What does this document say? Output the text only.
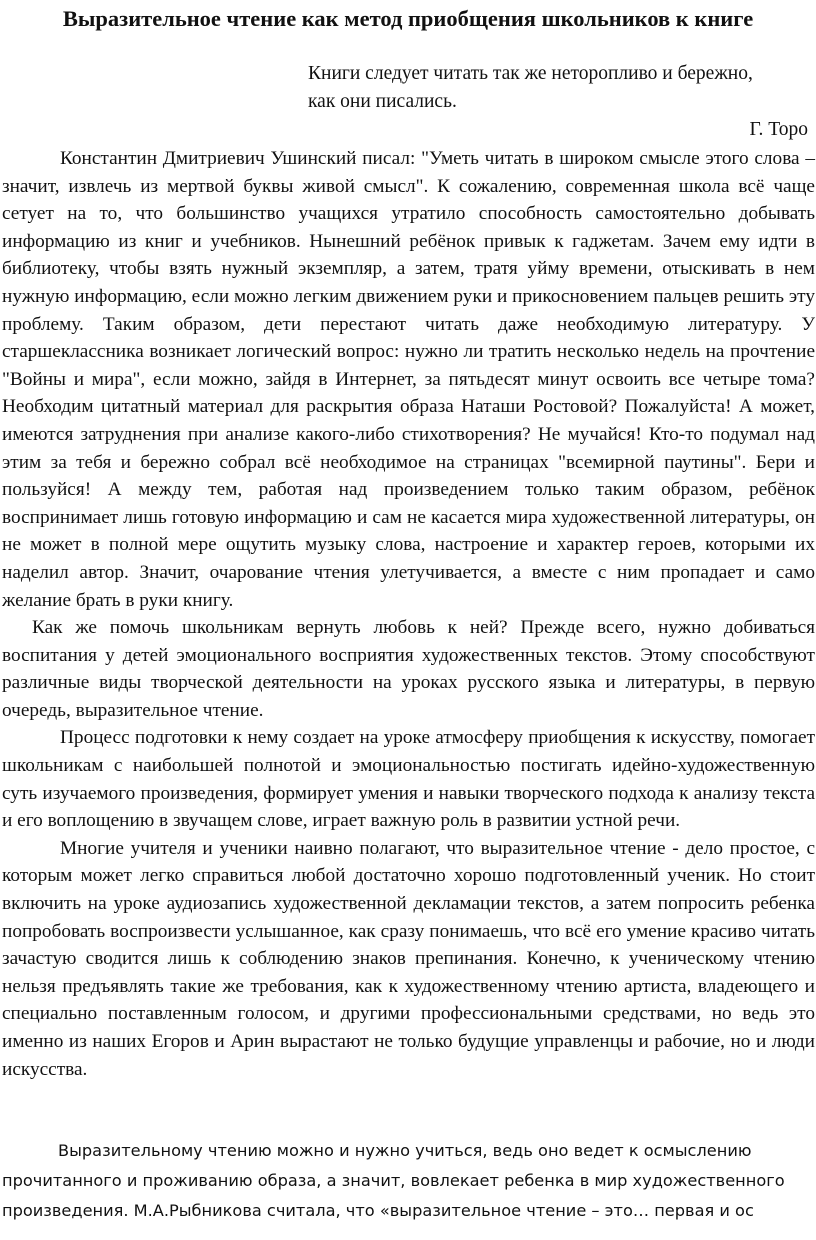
Выразительное чтение как метод приобщения школьников к книге
Книги следует читать так же неторопливо и бережно,
как они писались.
Г. Торо

Константин Дмитриевич Ушинский писал: "Уметь читать в широком смысле этого слова – значит, извлечь из мертвой буквы живой смысл". К сожалению, современная школа всё чаще сетует на то, что большинство учащихся утратило способность самостоятельно добывать информацию из книг и учебников. Нынешний ребёнок привык к гаджетам. Зачем ему идти в библиотеку, чтобы взять нужный экземпляр, а затем, тратя уйму времени, отыскивать в нем нужную информацию, если можно легким движением руки и прикосновением пальцев решить эту проблему. Таким образом, дети перестают читать даже необходимую литературу. У старшеклассника возникает логический вопрос: нужно ли тратить несколько недель на прочтение "Войны и мира", если можно, зайдя в Интернет, за пятьдесят минут освоить все четыре тома? Необходим цитатный материал для раскрытия образа Наташи Ростовой? Пожалуйста! А может, имеются затруднения при анализе какого-либо стихотворения? Не мучайся! Кто-то подумал над этим за тебя и бережно собрал всё необходимое на страницах "всемирной паутины". Бери и пользуйся! А между тем, работая над произведением только таким образом, ребёнок воспринимает лишь готовую информацию и сам не касается мира художественной литературы, он не может в полной мере ощутить музыку слова, настроение и характер героев, которыми их наделил автор. Значит, очарование чтения улетучивается, а вместе с ним пропадает и само желание брать в руки книгу.

Как же помочь школьникам вернуть любовь к ней? Прежде всего, нужно добиваться воспитания у детей эмоционального восприятия художественных текстов. Этому способствуют различные виды творческой деятельности на уроках русского языка и литературы, в первую очередь, выразительное чтение.

Процесс подготовки к нему создает на уроке атмосферу приобщения к искусству, помогает школьникам с наибольшей полнотой и эмоциональностью постигать идейно-художественную суть изучаемого произведения, формирует умения и навыки творческого подхода к анализу текста и его воплощению в звучащем слове, играет важную роль в развитии устной речи.

Многие учителя и ученики наивно полагают, что выразительное чтение - дело простое, с которым может легко справиться любой достаточно хорошо подготовленный ученик. Но стоит включить на уроке аудиозапись художественной декламации текстов, а затем попросить ребенка попробовать воспроизвести услышанное, как сразу понимаешь, что всё его умение красиво читать зачастую сводится лишь к соблюдению знаков препинания. Конечно, к ученическому чтению нельзя предъявлять такие же требования, как к художественному чтению артиста, владеющего и специально поставленным голосом, и другими профессиональными средствами, но ведь это именно из наших Егоров и Арин вырастают не только будущие управленцы и рабочие, но и люди искусства.

Выразительному чтению можно и нужно учиться, ведь оно ведет к осмыслению прочитанного и проживанию образа, а значит, вовлекает ребенка в мир художественного произведения. М.А.Рыбникова считала, что «выразительное чтение – это… первая и ос
